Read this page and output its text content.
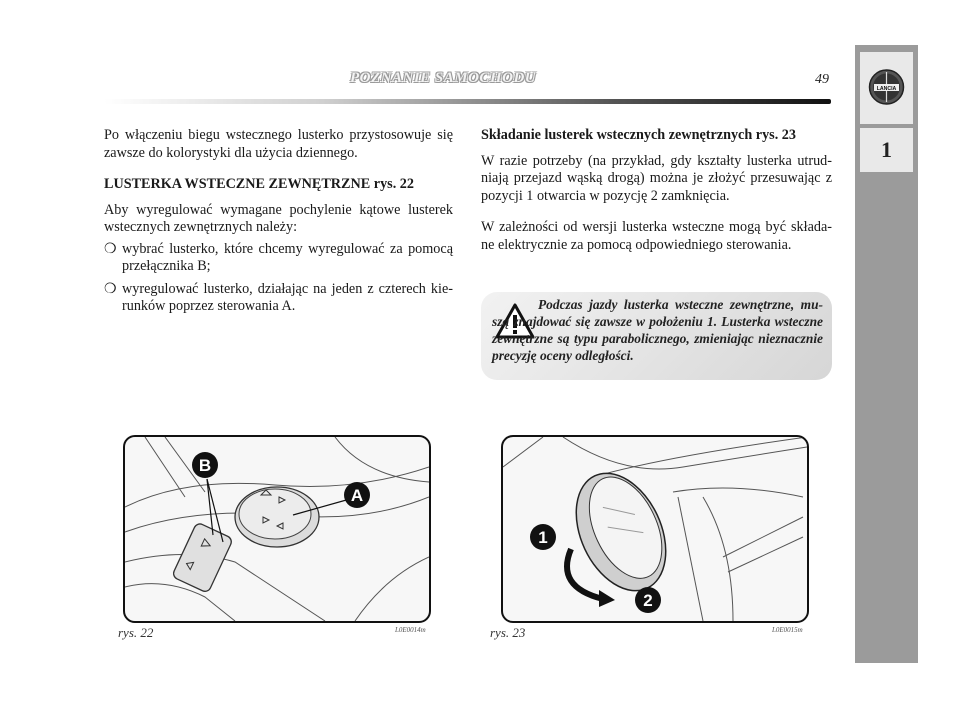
POZNANIE SAMOCHODU	49
LANCIA
1

Po włączeniu biegu wstecznego lusterko przystosowuje się zawsze do kolorystyki dla użycia dziennego.

LUSTERKA WSTECZNE ZEWNĘTRZNE rys. 22

Aby wyregulować wymagane pochylenie kątowe lusterek wstecznych zewnętrznych należy:

❍ wybrać lusterko, które chcemy wyregulować za pomocą przełącznika B;
❍ wyregulować lusterko, działając na jeden z czterech kie-runków poprzez sterowania A.

Składanie lusterek wstecznych zewnętrznych rys. 23

W razie potrzeby (na przykład, gdy kształty lusterka utrud-niają przejazd wąską drogą) można je złożyć przesuwając z pozycji 1 otwarcia w pozycję 2 zamknięcia.

W zależności od wersji lusterka wsteczne mogą być składa-ne elektrycznie za pomocą odpowiedniego sterowania.

Podczas jazdy lusterka wsteczne zewnętrzne, mu-szą znajdować się zawsze w położeniu 1. Lusterka wsteczne zewnętrzne są typu parabolicznego, zmieniając nieznacznie precyzję oceny odległości.
B
A
rys. 22	L0E0014m
1
2
rys. 23	L0E0015m
